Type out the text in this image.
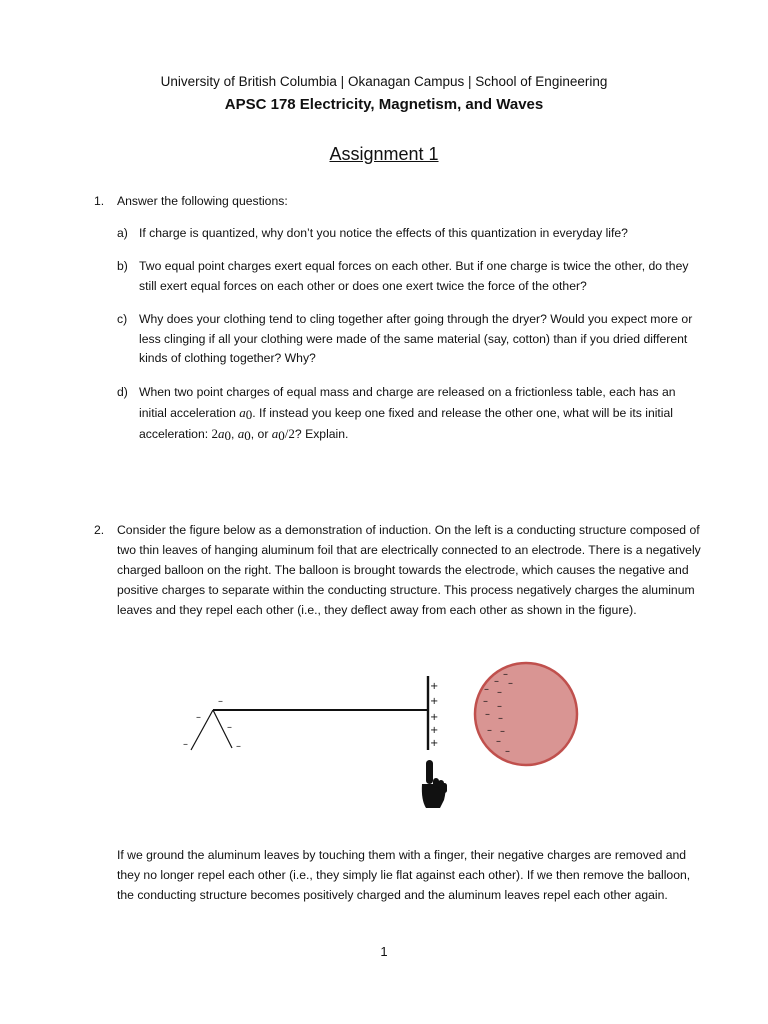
University of British Columbia | Okanagan Campus | School of Engineering
APSC 178 Electricity, Magnetism, and Waves
Assignment 1
1. Answer the following questions:
a) If charge is quantized, why don’t you notice the effects of this quantization in everyday life?
b) Two equal point charges exert equal forces on each other. But if one charge is twice the other, do they still exert equal forces on each other or does one exert twice the force of the other?
c) Why does your clothing tend to cling together after going through the dryer? Would you expect more or less clinging if all your clothing were made of the same material (say, cotton) than if you dried different kinds of clothing together? Why?
d) When two point charges of equal mass and charge are released on a frictionless table, each has an initial acceleration $a_0$. If instead you keep one fixed and release the other one, what will be its initial acceleration: $2a_0$, $a_0$, or $a_0/2$? Explain.
2. Consider the figure below as a demonstration of induction. On the left is a conducting structure composed of two thin leaves of hanging aluminum foil that are electrically connected to an electrode. There is a negatively charged balloon on the right. The balloon is brought towards the electrode, which causes the negative and positive charges to separate within the conducting structure. This process negatively charges the aluminum leaves and they repel each other (i.e., they deflect away from each other as shown in the figure).
–
–
–
–	–
+
+
+
+
+
–
– –
– –
– –
– –
– –
–
–
If we ground the aluminum leaves by touching them with a finger, their negative charges are removed and they no longer repel each other (i.e., they simply lie flat against each other). If we then remove the balloon, the conducting structure becomes positively charged and the aluminum leaves repel each other again.
1
